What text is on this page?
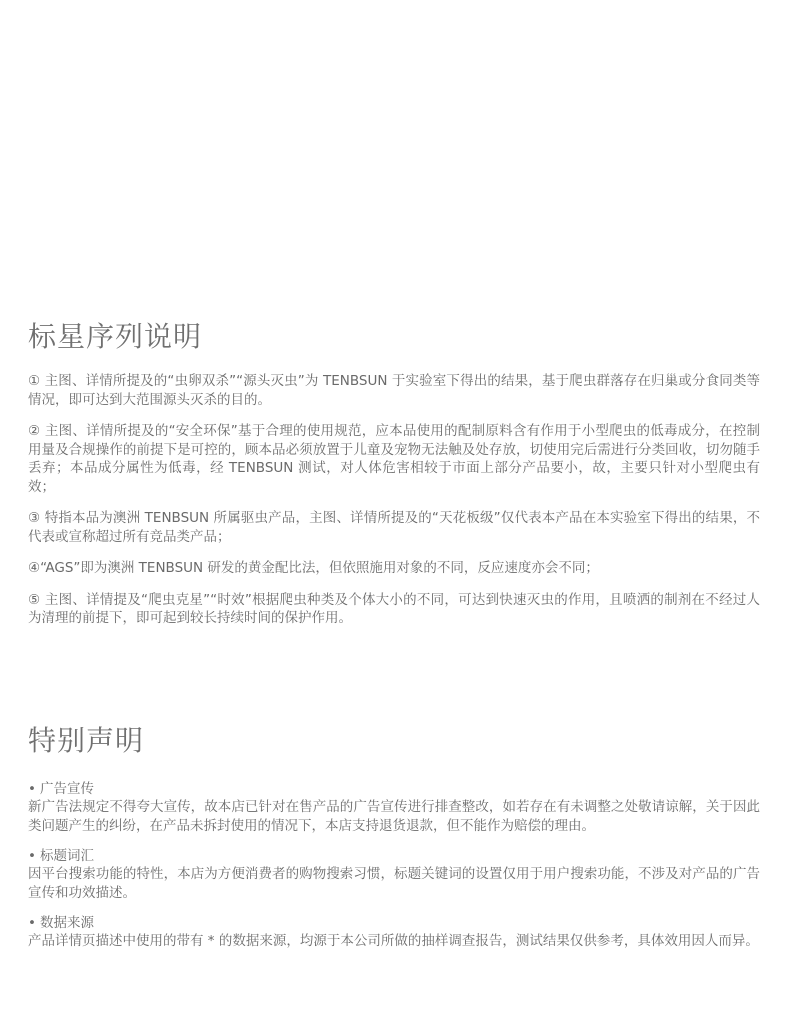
标星序列说明

① 主图、详情所提及的“虫卵双杀”“源头灭虫”为 TENBSUN 于实验室下得出的结果，基于爬虫群落存在归巢或分食同类等情况，即可达到大范围源头灭杀的目的。

② 主图、详情所提及的“安全环保”基于合理的使用规范，应本品使用的配制原料含有作用于小型爬虫的低毒成分，在控制用量及合规操作的前提下是可控的，顾本品必须放置于儿童及宠物无法触及处存放，切使用完后需进行分类回收，切勿随手丢弃；本品成分属性为低毒，经 TENBSUN 测试，对人体危害相较于市面上部分产品要小，故，主要只针对小型爬虫有效；

③ 特指本品为澳洲 TENBSUN 所属驱虫产品，主图、详情所提及的“天花板级”仅代表本产品在本实验室下得出的结果，不代表或宣称超过所有竞品类产品；

④“AGS”即为澳洲 TENBSUN 研发的黄金配比法，但依照施用对象的不同，反应速度亦会不同；

⑤ 主图、详情提及“爬虫克星”“时效”根据爬虫种类及个体大小的不同，可达到快速灭虫的作用，且喷洒的制剂在不经过人为清理的前提下，即可起到较长持续时间的保护作用。

特别声明
• 广告宣传
新广告法规定不得夸大宣传，故本店已针对在售产品的广告宣传进行排查整改，如若存在有未调整之处敬请谅解，关于因此类问题产生的纠纷，在产品未拆封使用的情况下，本店支持退货退款，但不能作为赔偿的理由。
• 标题词汇
因平台搜索功能的特性，本店为方便消费者的购物搜索习惯，标题关键词的设置仅用于用户搜索功能，不涉及对产品的广告宣传和功效描述。
• 数据来源
产品详情页描述中使用的带有 * 的数据来源，均源于本公司所做的抽样调查报告，测试结果仅供参考，具体效用因人而异。
